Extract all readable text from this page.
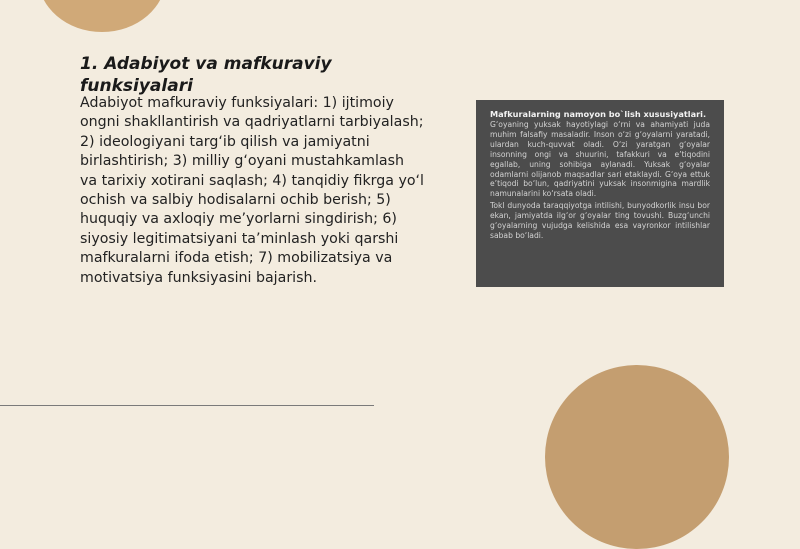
1. Adabiyot va mafkuraviy funksiyalari

Adabiyot mafkuraviy funksiyalari: 1) ijtimoiy ongni shakllantirish va qadriyatlarni tarbiyalash; 2) ideologiyani targ‘ib qilish va jamiyatni birlashtirish; 3) milliy g‘oyani mustahkamlash va tarixiy xotirani saqlash; 4) tanqidiy fikrga yo‘l ochish va salbiy hodisalarni ochib berish; 5) huquqiy va axloqiy me’yorlarni singdirish; 6) siyosiy legitimatsiyani ta’minlash yoki qarshi mafkuralarni ifoda etish; 7) mobilizatsiya va motivatsiya funksiyasini bajarish.

Mafkuralarning namoyon bo`lish xususiyatlari.

G‘oyaning yuksak hayotiylagi o‘rni va ahamiyati juda muhim falsafiy masaladir. Inson o‘zi g‘oyalarni yaratadi, ulardan kuch-quvvat oladi. O‘zi yaratgan g‘oyalar insonning ongi va shuurini, tafakkuri va e’tiqodini egallab, uning sohibiga aylanadi. Yuksak g‘oyalar odamlarni olijanob maqsadlar sari etaklaydi. G‘oya ettuk e’tiqodi bo‘lun, qadriyatini yuksak insonmigina mardlik namunalarini ko‘rsata oladi.

Tokl dunyoda taraqqiyotga intilishi, bunyodkorlik insu bor ekan, jamiyatda ilg‘or g‘oyalar ting tovushi. Buzg‘unchi g‘oyalarning vujudga kelishida esa vayronkor intilishlar sabab bo‘ladi.
